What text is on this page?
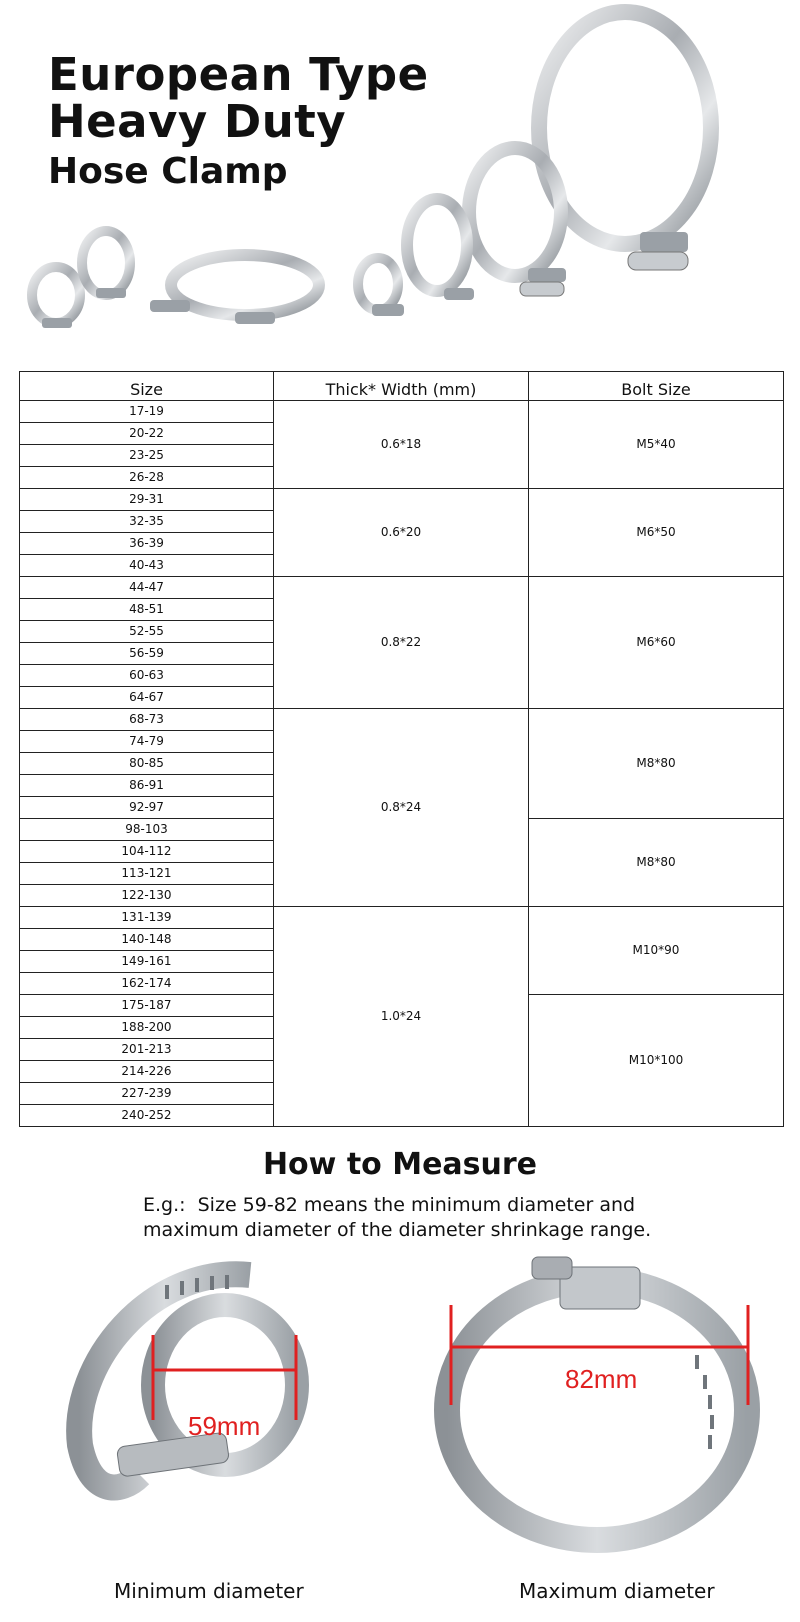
European Type
Heavy Duty
Hose Clamp
Size	Thick* Width (mm)	Bolt Size
17-19	0.6*18	M5*40
20-22		
23-25		
26-28		
29-31	0.6*20	M6*50
32-35		
36-39		
40-43		
44-47	0.8*22	M6*60
48-51		
52-55		
56-59		
60-63		
64-67		
68-73	0.8*24	M8*80
74-79		
80-85		
86-91		
92-97		
98-103		M8*80
104-112		
113-121		
122-130		
131-139	1.0*24	M10*90
140-148		
149-161		
162-174		
175-187		M10*100
188-200		
201-213		
214-226		
227-239		
240-252		
How to Measure
E.g.:  Size 59-82 means the minimum diameter and
maximum diameter of the diameter shrinkage range.
59mm
82mm
Minimum diameter	Maximum diameter
